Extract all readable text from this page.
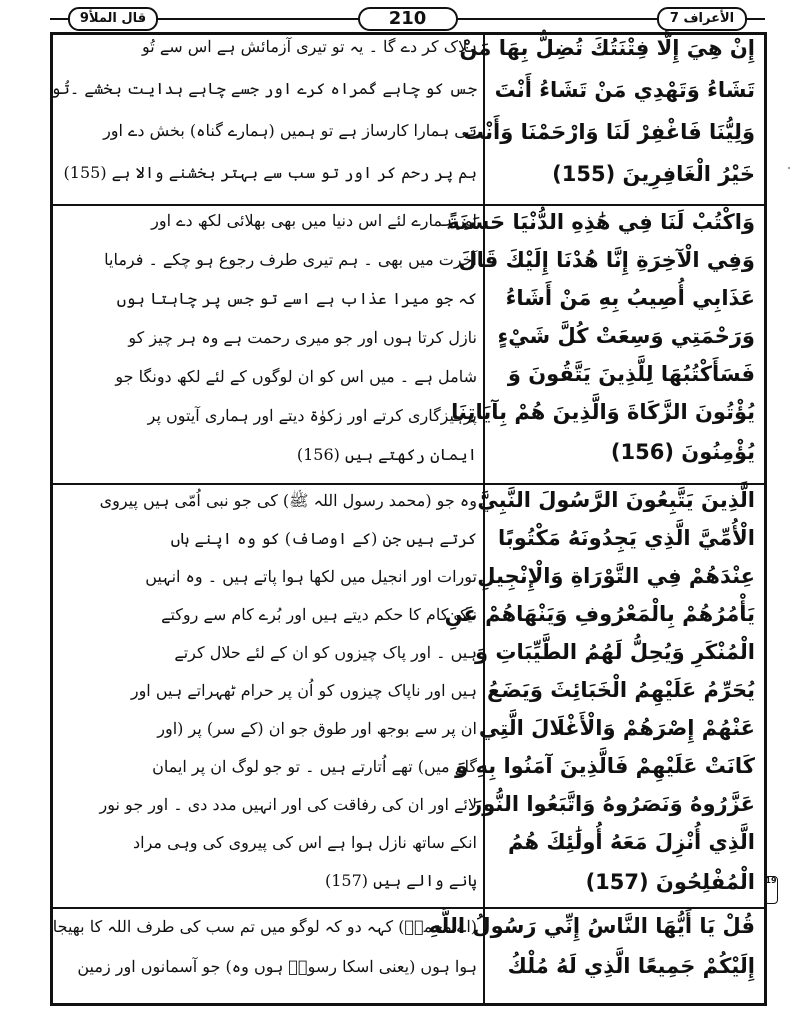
الأعراف 7
210
قال الملأ9
ہلاک کر دے گا ۔ یہ تو تیری آزمائش ہے اس سے تُو
جس کو چاہے گمراہ کرے اور جسے چاہے ہدایت بخشے ۔تُو
ہی ہمارا کارساز ہے تو ہمیں (ہمارے گناہ) بخش دے اور
ہم پر رحم کر اور تو سب سے بہتر بخشنے والا ہے (155)
اور ہمارے لئے اس دنیا میں بھی بھلائی لکھ دے اور
آخرت میں بھی ۔ ہم تیری طرف رجوع ہو چکے ۔ فرمایا
کہ جو میرا عذاب ہے اسے تو جس پر چاہتا ہوں
نازل کرتا ہوں اور جو میری رحمت ہے وہ ہر چیز کو
شامل ہے ۔ میں اس کو ان لوگوں کے لئے لکھ دونگا جو
پرہیزگاری کرتے اور زکوٰۃ دیتے اور ہماری آیتوں پر
ایمان رکھتے ہیں (156)
وہ جو (محمد رسول اللہ ﷺ) کی جو نبی اُمّی ہیں پیروی
کرتے ہیں جن (کے اوصاف) کو وہ اپنے ہاں
تورات اور انجیل میں لکھا ہوا پاتے ہیں ۔ وہ انہیں
نیک کام کا حکم دیتے ہیں اور بُرے کام سے روکتے
ہیں ۔ اور پاک چیزوں کو ان کے لئے حلال کرتے
ہیں اور ناپاک چیزوں کو اُن پر حرام ٹھہراتے ہیں اور
ان پر سے بوجھ اور طوق جو ان (کے سر) پر (اور
گلے میں) تھے اُتارتے ہیں ۔ تو جو لوگ ان پر ایمان
لائے اور ان کی رفاقت کی اور انہیں مدد دی ۔ اور جو نور
انکے ساتھ نازل ہوا ہے اس کی پیروی کی وہی مراد
پانے والے ہیں (157)
(اے محمدؐ) کہہ دو کہ لوگو میں تم سب کی طرف اللہ کا بھیجا
ہوا ہوں (یعنی اسکا رسولؐ ہوں وہ) جو آسمانوں اور زمین
إِنْ هِيَ إِلَّا فِتْنَتُكَ تُضِلُّ بِهَا مَنْ
تَشَاءُ وَتَهْدِي مَنْ تَشَاءُ أَنْتَ
وَلِيُّنَا فَاغْفِرْ لَنَا وَارْحَمْنَا وَأَنْتَ
خَيْرُ الْغَافِرِينَ (155)
وَاكْتُبْ لَنَا فِي هَٰذِهِ الدُّنْيَا حَسَنَةً
وَفِي الْآخِرَةِ إِنَّا هُدْنَا إِلَيْكَ قَالَ
عَذَابِي أُصِيبُ بِهِ مَنْ أَشَاءُ
وَرَحْمَتِي وَسِعَتْ كُلَّ شَيْءٍ
فَسَأَكْتُبُهَا لِلَّذِينَ يَتَّقُونَ وَ
يُؤْتُونَ الزَّكَاةَ وَالَّذِينَ هُمْ بِآيَاتِنَا
يُؤْمِنُونَ (156)
الَّذِينَ يَتَّبِعُونَ الرَّسُولَ النَّبِيَّ
الْأُمِّيَّ الَّذِي يَجِدُونَهُ مَكْتُوبًا
عِنْدَهُمْ فِي التَّوْرَاةِ وَالْإِنْجِيلِ
يَأْمُرُهُمْ بِالْمَعْرُوفِ وَيَنْهَاهُمْ عَنِ
الْمُنْكَرِ وَيُحِلُّ لَهُمُ الطَّيِّبَاتِ وَ
يُحَرِّمُ عَلَيْهِمُ الْخَبَائِثَ وَيَضَعُ
عَنْهُمْ إِصْرَهُمْ وَالْأَغْلَالَ الَّتِي
كَانَتْ عَلَيْهِمْ فَالَّذِينَ آمَنُوا بِهِ وَ
عَزَّرُوهُ وَنَصَرُوهُ وَاتَّبَعُوا النُّورَ
الَّذِي أُنْزِلَ مَعَهُ أُولَٰئِكَ هُمُ
الْمُفْلِحُونَ (157)
قُلْ يَا أَيُّهَا النَّاسُ إِنِّي رَسُولُ اللَّهِ
إِلَيْكُمْ جَمِيعًا الَّذِي لَهُ مُلْكُ
19
